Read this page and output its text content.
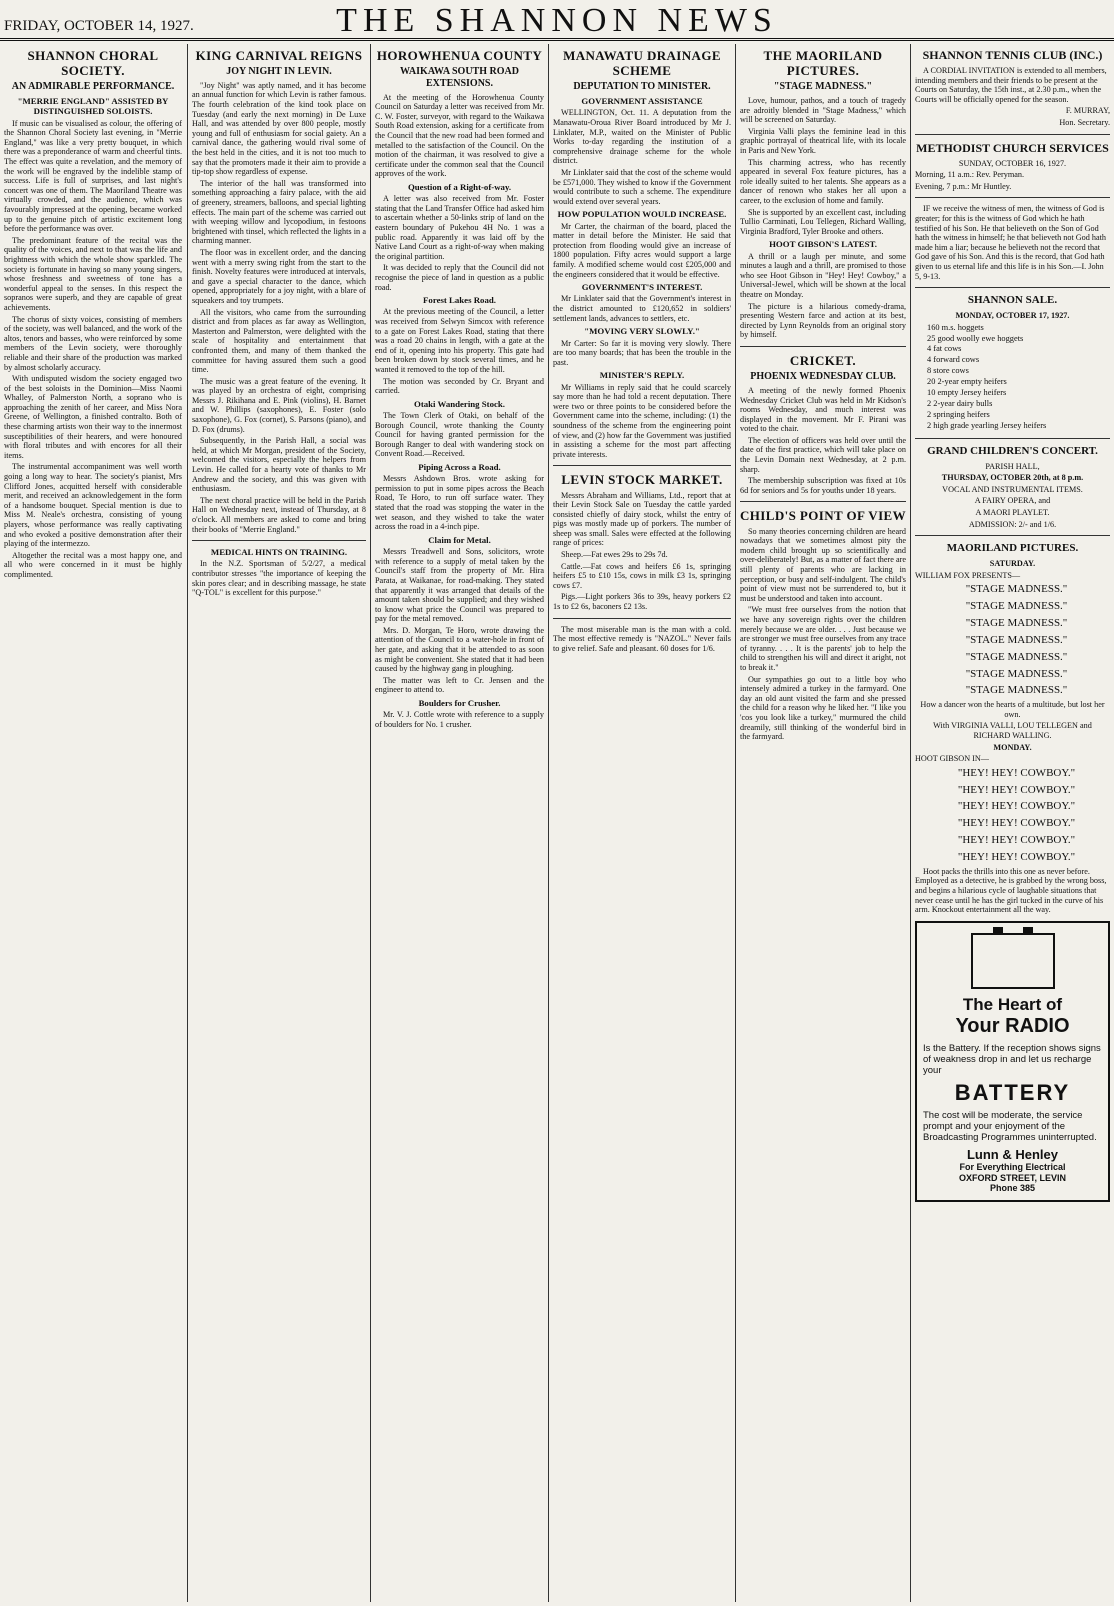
FRIDAY, OCTOBER 14, 1927.	THE SHANNON NEWS
SHANNON CHORAL SOCIETY.
AN ADMIRABLE PERFORMANCE.
"MERRIE ENGLAND" ASSISTED BY DISTINGUISHED SOLOISTS.

If music can be visualised as colour, the offering of the Shannon Choral Society last evening, in "Merrie England," was like a very pretty bouquet, in which there was a preponderance of warm and cheerful tints. The effect was quite a revelation, and the memory of the work will be engraved by the indelible stamp of success. Life is full of surprises, and last night's concert was one of them. The Maoriland Theatre was virtually crowded, and the audience, which was favourably impressed at the opening, became worked up to the genuine pitch of artistic excitement long before the performance was over.

The predominant feature of the recital was the quality of the voices, and next to that was the life and brightness with which the whole show sparkled. The society is fortunate in having so many young singers, whose freshness and sweetness of tone has a wonderful appeal to the senses. In this respect the sopranos were superb, and they are capable of great achievements.

The chorus of sixty voices, consisting of members of the society, was well balanced, and the work of the altos, tenors and basses, who were reinforced by some members of the Levin society, were thoroughly reliable and their share of the production was marked by almost scholarly accuracy.

With undisputed wisdom the society engaged two of the best soloists in the Dominion—Miss Naomi Whalley, of Palmerston North, a soprano who is approaching the zenith of her career, and Miss Nora Greene, of Wellington, a finished contralto. Both of these charming artists won their way to the innermost susceptibilities of their hearers, and were honoured with floral tributes and with encores for all their items.

The instrumental accompaniment was well worth going a long way to hear. The society's pianist, Mrs Clifford Jones, acquitted herself with considerable merit, and received an acknowledgement in the form of a handsome bouquet. Special mention is due to Miss M. Neale's orchestra, consisting of young players, whose performance was really captivating and who evoked a positive demonstration after their playing of the intermezzo.

Altogether the recital was a most happy one, and all who were concerned in it must be highly complimented.

KING CARNIVAL REIGNS
JOY NIGHT IN LEVIN.

"Joy Night" was aptly named, and it has become an annual function for which Levin is rather famous. The fourth celebration of the kind took place on Tuesday (and early the next morning) in De Luxe Hall, and was attended by over 800 people, mostly young and full of enthusiasm for social gaiety. An a carnival dance, the gathering would rival some of the best held in the cities, and it is not too much to say that the promoters made it their aim to provide a tip-top show regardless of expense.

The interior of the hall was transformed into something approaching a fairy palace, with the aid of greenery, streamers, balloons, and special lighting effects. The main part of the scheme was carried out with weeping willow and lycopodium, in festoons brightened with tinsel, which reflected the lights in a charming manner.

The floor was in excellent order, and the dancing went with a merry swing right from the start to the finish. Novelty features were introduced at intervals, and gave a special character to the dance, which opened, appropriately for a joy night, with a blare of squeakers and toy trumpets.

All the visitors, who came from the surrounding district and from places as far away as Wellington, Masterton and Palmerston, were delighted with the scale of hospitality and entertainment that confronted them, and many of them thanked the committee for having assured them such a good time.

The music was a great feature of the evening. It was played by an orchestra of eight, comprising Messrs J. Rikihana and E. Pink (violins), H. Barnet and W. Phillips (saxophones), E. Foster (solo saxophone), G. Fox (cornet), S. Parsons (piano), and D. Fox (drums).

Subsequently, in the Parish Hall, a social was held, at which Mr Morgan, president of the Society, welcomed the visitors, especially the helpers from Levin. He called for a hearty vote of thanks to Mr Andrew and the society, and this was given with enthusiasm.

The next choral practice will be held in the Parish Hall on Wednesday next, instead of Thursday, at 8 o'clock. All members are asked to come and bring their books of "Merrie England."

MEDICAL HINTS ON TRAINING.

In the N.Z. Sportsman of 5/2/27, a medical contributor stresses "the importance of keeping the skin pores clear; and in describing massage, he state "Q-TOL" is excellent for this purpose."

HOROWHENUA COUNTY
WAIKAWA SOUTH ROAD EXTENSIONS.

At the meeting of the Horowhenua County Council on Saturday a letter was received from Mr. C. W. Foster, surveyor, with regard to the Waikawa South Road extension, asking for a certificate from the Council that the new road had been formed and metalled to the satisfaction of the Council. On the motion of the chairman, it was resolved to give a certificate under the common seal that the Council approves of the work.

Question of a Right-of-way.

A letter was also received from Mr. Foster stating that the Land Transfer Office had asked him to ascertain whether a 50-links strip of land on the eastern boundary of Pukehou 4H No. 1 was a public road. Apparently it was laid off by the Native Land Court as a right-of-way when making the original partition.

It was decided to reply that the Council did not recognise the piece of land in question as a public road.

Forest Lakes Road.

At the previous meeting of the Council, a letter was received from Selwyn Simcox with reference to a gate on Forest Lakes Road, stating that there was a road 20 chains in length, with a gate at the end of it, opening into his property. This gate had been broken down by stock several times, and he wanted it removed to the top of the hill.

The motion was seconded by Cr. Bryant and carried.

Otaki Wandering Stock.

The Town Clerk of Otaki, on behalf of the Borough Council, wrote thanking the County Council for having granted permission for the Borough Ranger to deal with wandering stock on Convent Road.—Received.

Piping Across a Road.

Messrs Ashdown Bros. wrote asking for permission to put in some pipes across the Beach Road, Te Horo, to run off surface water. They stated that the road was stopping the water in the wet season, and they wished to take the water across the road in a 4-inch pipe.

Claim for Metal.

Messrs Treadwell and Sons, solicitors, wrote with reference to a supply of metal taken by the Council's staff from the property of Mr. Hira Parata, at Waikanae, for road-making. They stated that apparently it was arranged that details of the amount taken should be supplied; and they wished to know what price the Council was prepared to pay for the metal removed.

Mrs. D. Morgan, Te Horo, wrote drawing the attention of the Council to a water-hole in front of her gate, and asking that it be attended to as soon as might be convenient. She stated that it had been caused by the highway gang in ploughing.

The matter was left to Cr. Jensen and the engineer to attend to.

Boulders for Crusher.

Mr. V. J. Cottle wrote with reference to a supply of boulders for No. 1 crusher.

MANAWATU DRAINAGE SCHEME
DEPUTATION TO MINISTER.
GOVERNMENT ASSISTANCE

WELLINGTON, Oct. 11. A deputation from the Manawatu-Oroua River Board introduced by Mr J. Linklater, M.P., waited on the Minister of Public Works to-day regarding the institution of a comprehensive drainage scheme for the whole district.

Mr Linklater said that the cost of the scheme would be £571,000. They wished to know if the Government would contribute to such a scheme. The expenditure would extend over several years.

HOW POPULATION WOULD INCREASE.

Mr Carter, the chairman of the board, placed the matter in detail before the Minister. He said that protection from flooding would give an increase of 1800 population. Fifty acres would support a large family. A modified scheme would cost £205,000 and the engineers considered that it would be effective.

GOVERNMENT'S INTEREST.

Mr Linklater said that the Government's interest in the district amounted to £120,652 in soldiers' settlement lands, advances to settlers, etc.

"MOVING VERY SLOWLY."

Mr Carter: So far it is moving very slowly. There are too many boards; that has been the trouble in the past.

MINISTER'S REPLY.

Mr Williams in reply said that he could scarcely say more than he had told a recent deputation. There were two or three points to be considered before the Government came into the scheme, including: (1) the soundness of the scheme from the engineering point of view, and (2) how far the Government was justified in assisting a scheme for the most part affecting private interests.

LEVIN STOCK MARKET.

Messrs Abraham and Williams, Ltd., report that at their Levin Stock Sale on Tuesday the cattle yarded consisted chiefly of dairy stock, whilst the entry of pigs was mostly made up of porkers. The number of sheep was small. Sales were effected at the following range of prices:

Sheep.—Fat ewes 29s to 29s 7d.

Cattle.—Fat cows and heifers £6 1s, springing heifers £5 to £10 15s, cows in milk £3 1s, springing cows £7.

Pigs.—Light porkers 36s to 39s, heavy porkers £2 1s to £2 6s, baconers £2 13s.

The most miserable man is the man with a cold. The most effective remedy is "NAZOL." Never fails to give relief. Safe and pleasant. 60 doses for 1/6.

THE MAORILAND PICTURES.
"STAGE MADNESS."

Love, humour, pathos, and a touch of tragedy are adroitly blended in "Stage Madness," which will be screened on Saturday.

Virginia Valli plays the feminine lead in this graphic portrayal of theatrical life, with its locale in Paris and New York.

This charming actress, who has recently appeared in several Fox feature pictures, has a role ideally suited to her talents. She appears as a dancer of renown who stakes her all upon a career, to the exclusion of home and family.

She is supported by an excellent cast, including Tullio Carminati, Lou Tellegen, Richard Walling, Virginia Bradford, Tyler Brooke and others.

HOOT GIBSON'S LATEST.

A thrill or a laugh per minute, and some minutes a laugh and a thrill, are promised to those who see Hoot Gibson in "Hey! Hey! Cowboy," a Universal-Jewel, which will be shown at the local theatre on Monday.

The picture is a hilarious comedy-drama, presenting Western farce and action at its best, directed by Lynn Reynolds from an original story by himself.

CRICKET.
PHOENIX WEDNESDAY CLUB.

A meeting of the newly formed Phoenix Wednesday Cricket Club was held in Mr Kidson's rooms Wednesday, and much interest was displayed in the movement. Mr F. Pirani was voted to the chair.

The election of officers was held over until the date of the first practice, which will take place on the Levin Domain next Wednesday, at 2 p.m. sharp.

The membership subscription was fixed at 10s 6d for seniors and 5s for youths under 18 years.

CHILD'S POINT OF VIEW

So many theories concerning children are heard nowadays that we sometimes almost pity the modern child brought up so scientifically and over-deliberately! But, as a matter of fact there are still plenty of parents who are lacking in perception, or busy and self-indulgent. The child's point of view must not be surrendered to, but it must be understood and taken into account.

"We must free ourselves from the notion that we have any sovereign rights over the children merely because we are older. . . . Just because we are stronger we must free ourselves from any trace of tyranny. . . . It is the parents' job to help the child to strengthen his will and direct it aright, not to break it."

Our sympathies go out to a little boy who intensely admired a turkey in the farmyard. One day an old aunt visited the farm and she pressed the child for a reason why he liked her. "I like you 'cos you look like a turkey," murmured the child dreamily, still thinking of the wonderful bird in the farmyard.

SHANNON TENNIS CLUB (INC.)

A CORDIAL INVITATION is extended to all members, intending members and their friends to be present at the Courts on Saturday, the 15th inst., at 2.30 p.m., when the Courts will be officially opened for the season.

F. MURRAY,
Hon. Secretary.
METHODIST CHURCH SERVICES
SUNDAY, OCTOBER 16, 1927.
Morning, 11 a.m.: Rev. Peryman.
Evening, 7 p.m.: Mr Huntley.

IF we receive the witness of men, the witness of God is greater; for this is the witness of God which he hath testified of his Son. He that believeth on the Son of God hath the witness in himself; he that believeth not God hath made him a liar; because he believeth not the record that God gave of his Son. And this is the record, that God hath given to us eternal life and this life is in his Son.—I. John 5, 9-13.

SHANNON SALE.
MONDAY, OCTOBER 17, 1927.
160 m.s. hoggets
25 good woolly ewe hoggets
4 fat cows
4 forward cows
8 store cows
20 2-year empty heifers
10 empty Jersey heifers
2 2-year dairy bulls
2 springing heifers
2 high grade yearling Jersey heifers
GRAND CHILDREN'S CONCERT.
PARISH HALL,
THURSDAY, OCTOBER 20th, at 8 p.m.
VOCAL AND INSTRUMENTAL ITEMS.
A FAIRY OPERA, and
A MAORI PLAYLET.
ADMISSION: 2/- and 1/6.
MAORILAND PICTURES.
SATURDAY.
WILLIAM FOX PRESENTS—

"STAGE MADNESS."

"STAGE MADNESS."

"STAGE MADNESS."

"STAGE MADNESS."

"STAGE MADNESS."

"STAGE MADNESS."

"STAGE MADNESS."

How a dancer won the hearts of a multitude, but lost her own.
With VIRGINIA VALLI, LOU TELLEGEN and RICHARD WALLING.
MONDAY.
HOOT GIBSON IN—

"HEY! HEY! COWBOY."

"HEY! HEY! COWBOY."

"HEY! HEY! COWBOY."

"HEY! HEY! COWBOY."

"HEY! HEY! COWBOY."

"HEY! HEY! COWBOY."

Hoot packs the thrills into this one as never before. Employed as a detective, he is grabbed by the wrong boss, and begins a hilarious cycle of laughable situations that never cease until he has the girl tucked in the curve of his arm. Knockout entertainment all the way.

The Heart of
Your RADIO
Is the Battery. If the reception shows signs of weakness drop in and let us recharge your
BATTERY
The cost will be moderate, the service prompt and your enjoyment of the Broadcasting Programmes uninterrupted.
Lunn & Henley
For Everything Electrical
OXFORD STREET, LEVIN
Phone 385
